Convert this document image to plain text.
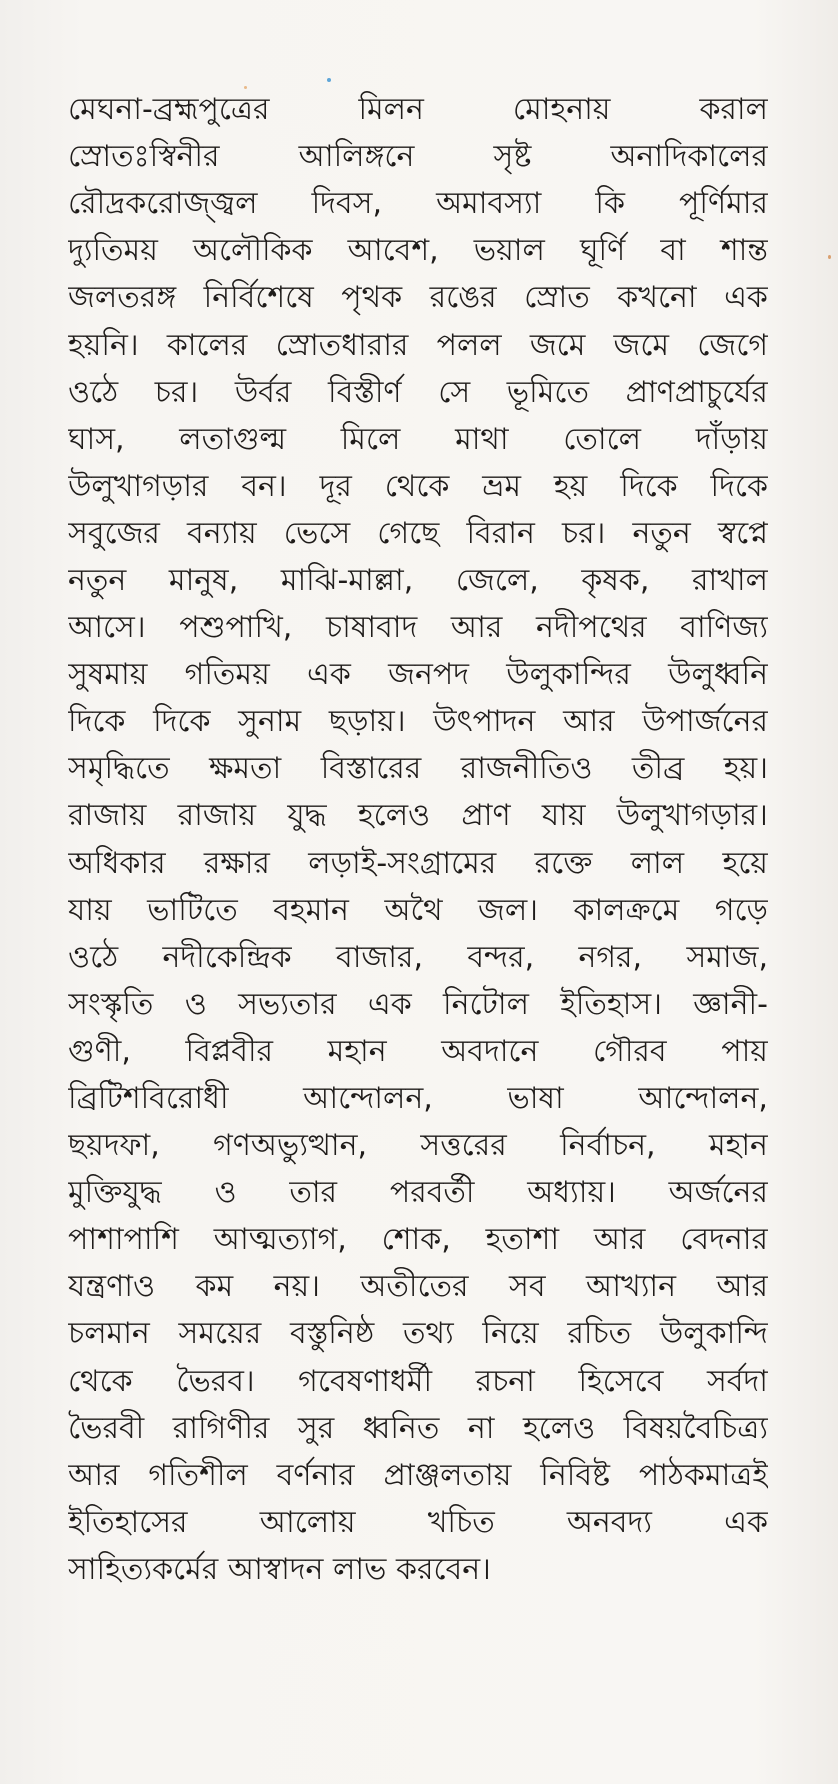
মেঘনা-ব্রহ্মপুত্রের	মিলন	মোহনায়	করাল
স্রোতঃস্বিনীর	আলিঙ্গনে	সৃষ্ট	অনাদিকালের
রৌদ্রকরোজ্জ্বল দিবস, অমাবস্যা কি পূর্ণিমার
দ্যুতিময় অলৌকিক আবেশ, ভয়াল ঘূর্ণি বা শান্ত
জলতরঙ্গ নির্বিশেষে পৃথক রঙের স্রোত কখনো এক
হয়নি। কালের স্রোতধারার পলল জমে জমে জেগে
ওঠে চর। উর্বর বিস্তীর্ণ সে ভূমিতে প্রাণপ্রাচুর্যের
ঘাস, লতাগুল্ম মিলে মাথা তোলে দাঁড়ায়
উলুখাগড়ার বন। দূর থেকে ভ্রম হয় দিকে দিকে
সবুজের বন্যায় ভেসে গেছে বিরান চর। নতুন স্বপ্নে
নতুন মানুষ, মাঝি-মাল্লা, জেলে, কৃষক, রাখাল
আসে। পশুপাখি, চাষাবাদ আর নদীপথের বাণিজ্য
সুষমায় গতিময় এক জনপদ উলুকান্দির উলুধ্বনি
দিকে দিকে সুনাম ছড়ায়। উৎপাদন আর উপার্জনের
সমৃদ্ধিতে ক্ষমতা বিস্তারের রাজনীতিও তীব্র হয়।
রাজায় রাজায় যুদ্ধ হলেও প্রাণ যায় উলুখাগড়ার।
অধিকার রক্ষার লড়াই-সংগ্রামের রক্তে লাল হয়ে
যায় ভাটিতে বহমান অথৈ জল। কালক্রমে গড়ে
ওঠে নদীকেন্দ্রিক বাজার, বন্দর, নগর, সমাজ,
সংস্কৃতি ও সভ্যতার এক নিটোল ইতিহাস। জ্ঞানী-
গুণী, বিপ্লবীর মহান অবদানে গৌরব পায়
ব্রিটিশবিরোধী আন্দোলন, ভাষা আন্দোলন,
ছয়দফা, গণঅভ্যুত্থান, সত্তরের নির্বাচন, মহান
মুক্তিযুদ্ধ ও তার পরবর্তী অধ্যায়। অর্জনের
পাশাপাশি আত্মত্যাগ, শোক, হতাশা আর বেদনার
যন্ত্রণাও কম নয়। অতীতের সব আখ্যান আর
চলমান সময়ের বস্তুনিষ্ঠ তথ্য নিয়ে রচিত উলুকান্দি
থেকে ভৈরব। গবেষণাধর্মী রচনা হিসেবে সর্বদা
ভৈরবী রাগিণীর সুর ধ্বনিত না হলেও বিষয়বৈচিত্র্য
আর গতিশীল বর্ণনার প্রাঞ্জলতায় নিবিষ্ট পাঠকমাত্রই
ইতিহাসের আলোয় খচিত অনবদ্য এক
সাহিত্যকর্মের
আস্বাদন
লাভ
করবেন।
